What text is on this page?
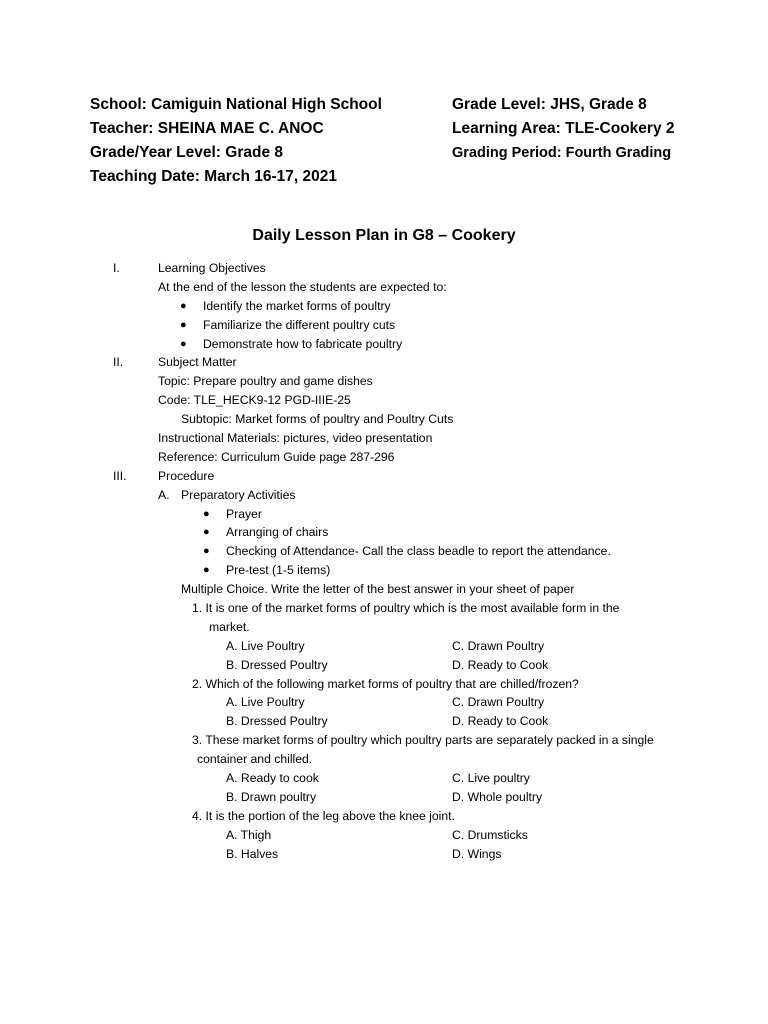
School: Camiguin National High School
Teacher: SHEINA MAE C. ANOC
Grade/Year Level: Grade 8
Teaching Date: March 16-17, 2021
Grade Level: JHS, Grade 8
Learning Area: TLE-Cookery 2
Grading Period: Fourth Grading
Daily Lesson Plan in G8 – Cookery
I.	Learning Objectives
At the end of the lesson the students are expected to:
● Identify the market forms of poultry
● Familiarize the different poultry cuts
● Demonstrate how to fabricate poultry
II.	Subject Matter
Topic: Prepare poultry and game dishes
Code: TLE_HECK9-12 PGD-IIIE-25
Subtopic: Market forms of poultry and Poultry Cuts
Instructional Materials: pictures, video presentation
Reference: Curriculum Guide page 287-296
III.	Procedure
A. Preparatory Activities
● Prayer
● Arranging of chairs
● Checking of Attendance- Call the class beadle to report the attendance.
● Pre-test (1-5 items)
Multiple Choice. Write the letter of the best answer in your sheet of paper
1. It is one of the market forms of poultry which is the most available form in the
market.
A. Live Poultry	C. Drawn Poultry
B. Dressed Poultry	D. Ready to Cook
2. Which of the following market forms of poultry that are chilled/frozen?
A. Live Poultry	C. Drawn Poultry
B. Dressed Poultry	D. Ready to Cook
3. These market forms of poultry which poultry parts are separately packed in a single
container and chilled.
A. Ready to cook	C. Live poultry
B. Drawn poultry	D. Whole poultry
4. It is the portion of the leg above the knee joint.
A. Thigh	C. Drumsticks
B. Halves	D. Wings
